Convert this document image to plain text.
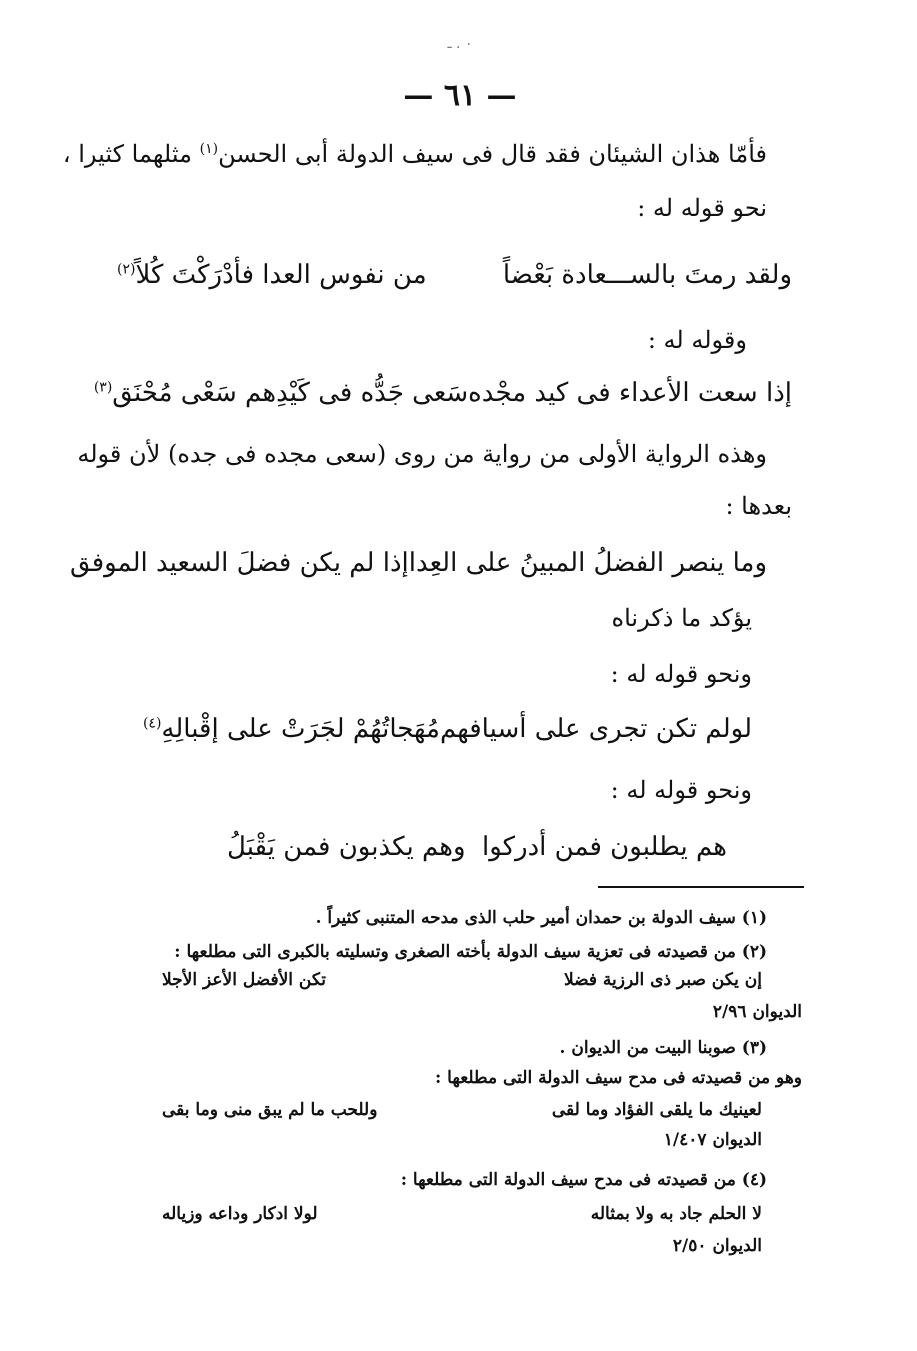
٠ . ـ
— ٦١ —
فأمّا هذان الشيئان فقد قال فى سيف الدولة أبى الحسن$^{(١)}$ مثلهما كثيرا ،
نحو قوله له :
ولقد رمتَ بالســـعادة بَعْضاً
من نفوس العدا فأدْرَكْتَ كُلاً$^{(٢)}$
وقوله له :
إذا سعت الأعداء فى كيد مجْده
سَعى جَدُّه فى كَيْدِهم سَعْى مُحْنَق$^{(٣)}$
وهذه الرواية الأولى من رواية من روى (سعى مجده فى جده) لأن قوله
بعدها :
وما ينصر الفضلُ المبينُ على العِدا
إذا لم يكن فضلَ السعيد الموفق
يؤكد ما ذكرناه
ونحو قوله له :
لولم تكن تجرى على أسيافهم
مُهَجاتُهُمْ لجَرَتْ على إقْبالِهِ$^{(٤)}$
ونحو قوله له :
هم يطلبون فمن أدركوا
وهم يكذبون فمن يَقْبَلُ
(١) سيف الدولة بن حمدان أمير حلب الذى مدحه المتنبى كثيراً .
(٢) من قصيدته فى تعزية سيف الدولة بأخته الصغرى وتسليته بالكبرى التى مطلعها :
إن يكن صبر ذى الرزية فضلا
تكن الأفضل الأعز الأجلا
الديوان ٢/٩٦
(٣) صوبنا البيت من الديوان .
وهو من قصيدته فى مدح سيف الدولة التى مطلعها :
لعينيك ما يلقى الفؤاد وما لقى
وللحب ما لم يبق منى وما بقى
الديوان ١/٤٠٧
(٤) من قصيدته فى مدح سيف الدولة التى مطلعها :
لا الحلم جاد به ولا بمثاله
لولا ادكار وداعه وزياله
الديوان ٢/٥٠
